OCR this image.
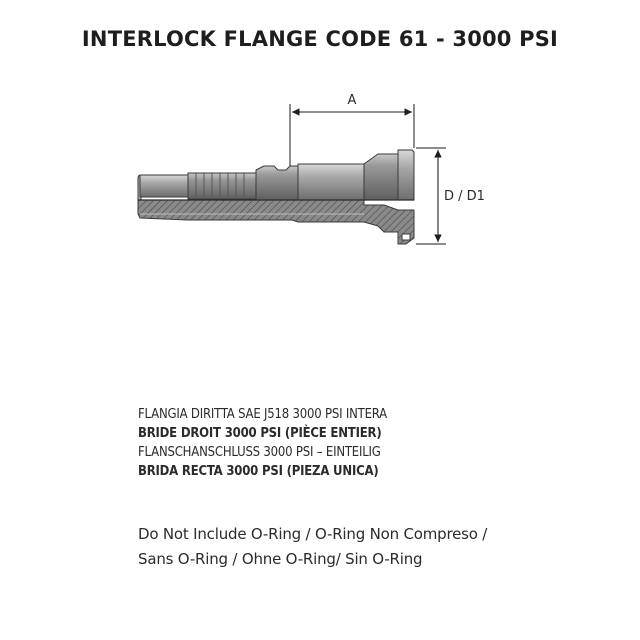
INTERLOCK FLANGE CODE 61 - 3000 PSI
A
D / D1
FLANGIA DIRITTA SAE J518 3000 PSI INTERA
BRIDE DROIT 3000 PSI (PIÈCE ENTIER)
FLANSCHANSCHLUSS 3000 PSI – EINTEILIG
BRIDA RECTA 3000 PSI (PIEZA UNICA)
Do Not Include O-Ring / O-Ring Non Compreso /
Sans O-Ring / Ohne O-Ring/ Sin O-Ring
